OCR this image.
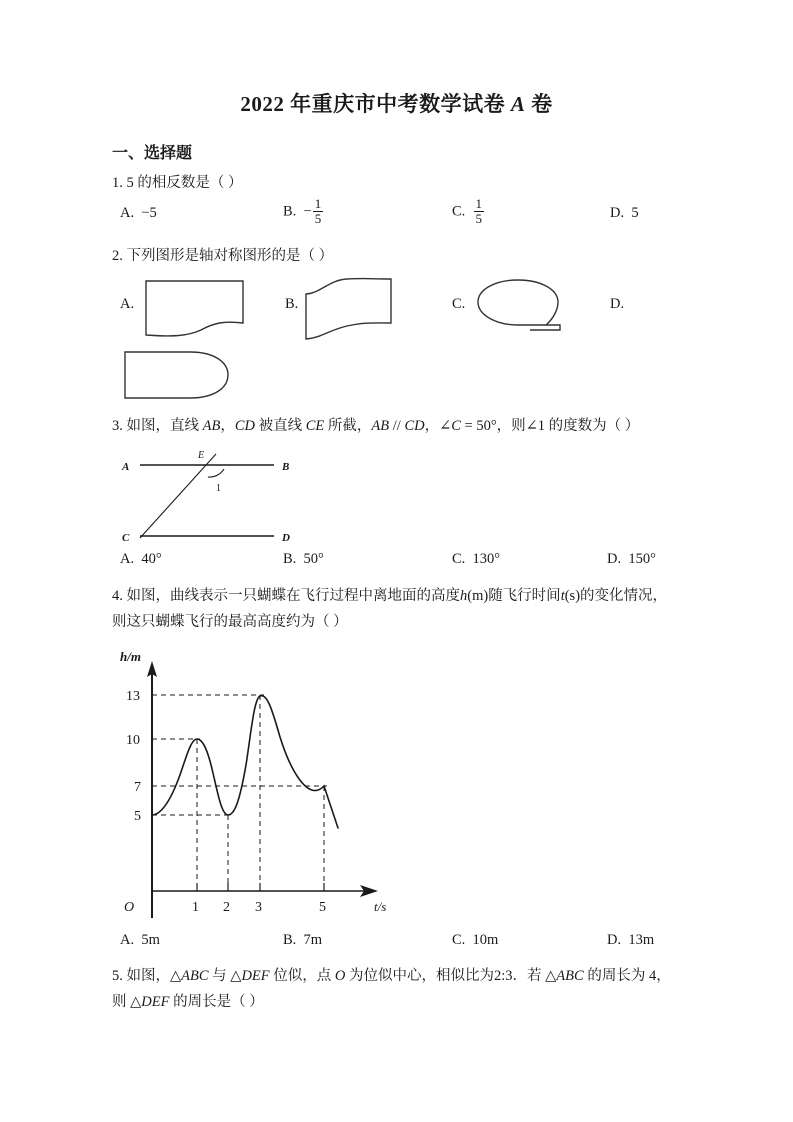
2022 年重庆市中考数学试卷 A 卷
一、选择题
1. 5 的相反数是（ ）
A. −5	B. − $\frac{1}{5}$	C. $\frac{1}{5}$	D. 5
2. 下列图形是轴对称图形的是（ ）
A.	B.	C.	D.
3. 如图，直线 AB，CD 被直线 CE 所截，AB // CD，∠C = 50°，则∠1 的度数为（ ）
A	B
C	D
E
1
A. 40°	B. 50°	C. 130°	D. 150°
4. 如图，曲线表示一只蝴蝶在飞行过程中离地面的高度h(m)随飞行时间t(s)的变化情况，
则这只蝴蝶飞行的最高高度约为（ ）
h/m
t/s
O
13
10
7
5
1 2 3	5
A. 5m	B. 7m	C. 10m	D. 13m
5. 如图，△ABC 与 △DEF 位似，点 O 为位似中心，相似比为2:3．若 △ABC 的周长为 4，
则 △DEF 的周长是（ ）
